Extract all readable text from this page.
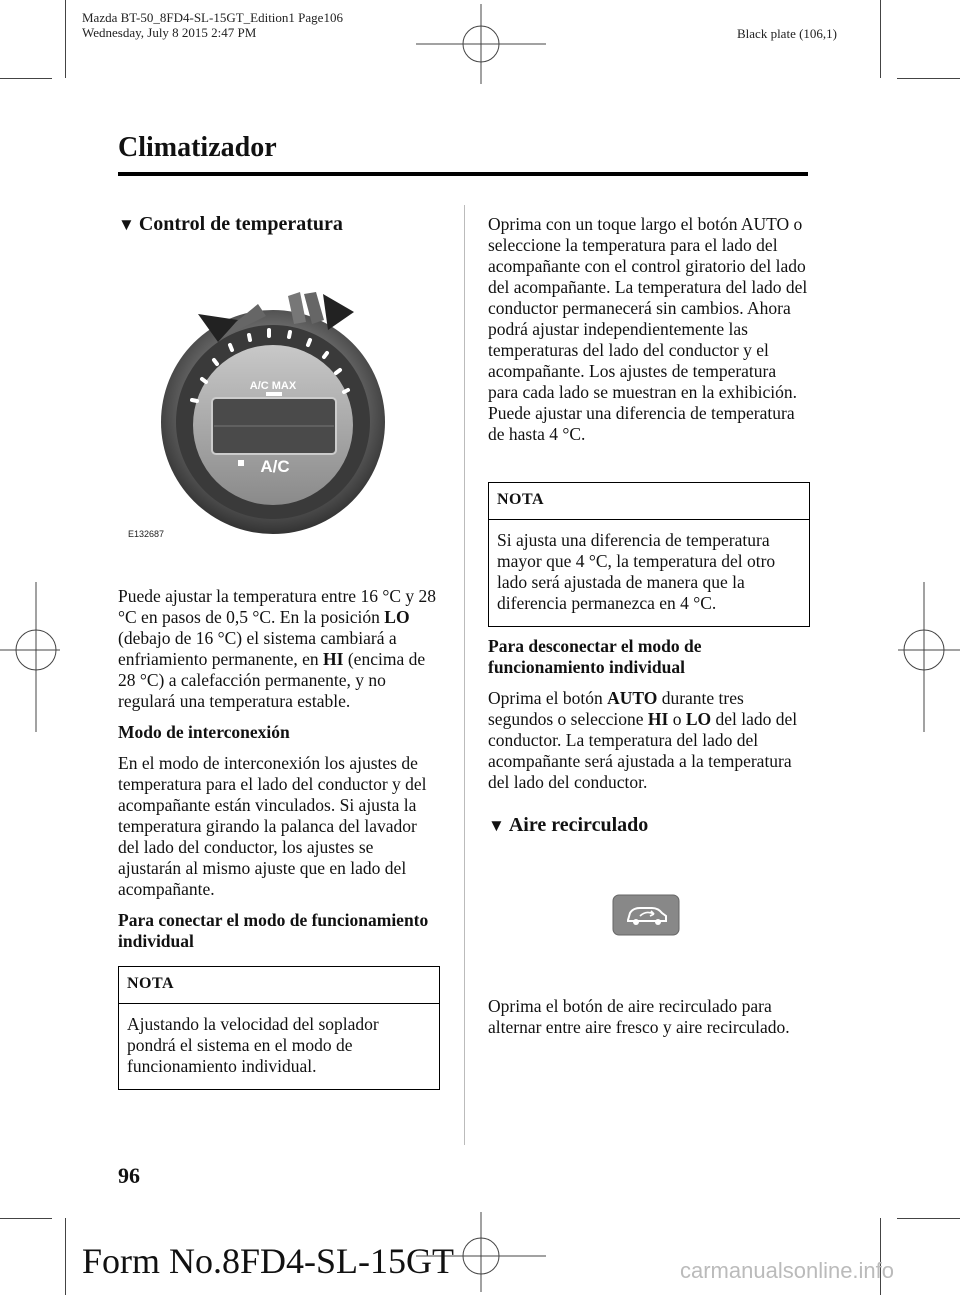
Mazda BT-50_8FD4-SL-15GT_Edition1 Page106
Wednesday, July 8 2015 2:47 PM	Black plate (106,1)
Climatizador
▼ Control de temperatura
A/C MAX
A/C
E132687

Puede ajustar la temperatura entre 16 °C y 28 °C en pasos de 0,5 °C. En la posición LO (debajo de 16 °C) el sistema cambiará a enfriamiento permanente, en HI (encima de 28 °C) a calefacción permanente, y no regulará una temperatura estable.

Modo de interconexión

En el modo de interconexión los ajustes de temperatura para el lado del conductor y del acompañante están vinculados. Si ajusta la temperatura girando la palanca del lavador del lado del conductor, los ajustes se ajustarán al mismo ajuste que en lado del acompañante.

Para conectar el modo de funcionamiento individual

NOTA
Ajustando la velocidad del soplador pondrá el sistema en el modo de funcionamiento individual.

Oprima con un toque largo el botón AUTO o seleccione la temperatura para el lado del acompañante con el control giratorio del lado del acompañante. La temperatura del lado del conductor permanecerá sin cambios. Ahora podrá ajustar independientemente las temperaturas del lado del conductor y el acompañante. Los ajustes de temperatura para cada lado se muestran en la exhibición. Puede ajustar una diferencia de temperatura de hasta 4 °C.

NOTA
Si ajusta una diferencia de temperatura mayor que 4 °C, la temperatura del otro lado será ajustada de manera que la diferencia permanezca en 4 °C.

Para desconectar el modo de funcionamiento individual

Oprima el botón AUTO durante tres segundos o seleccione HI o LO del lado del conductor. La temperatura del lado del acompañante será ajustada a la temperatura del lado del conductor.

▼ Aire recirculado

Oprima el botón de aire recirculado para alternar entre aire fresco y aire recirculado.

96
Form No.8FD4-SL-15GT	carmanualsonline.info
